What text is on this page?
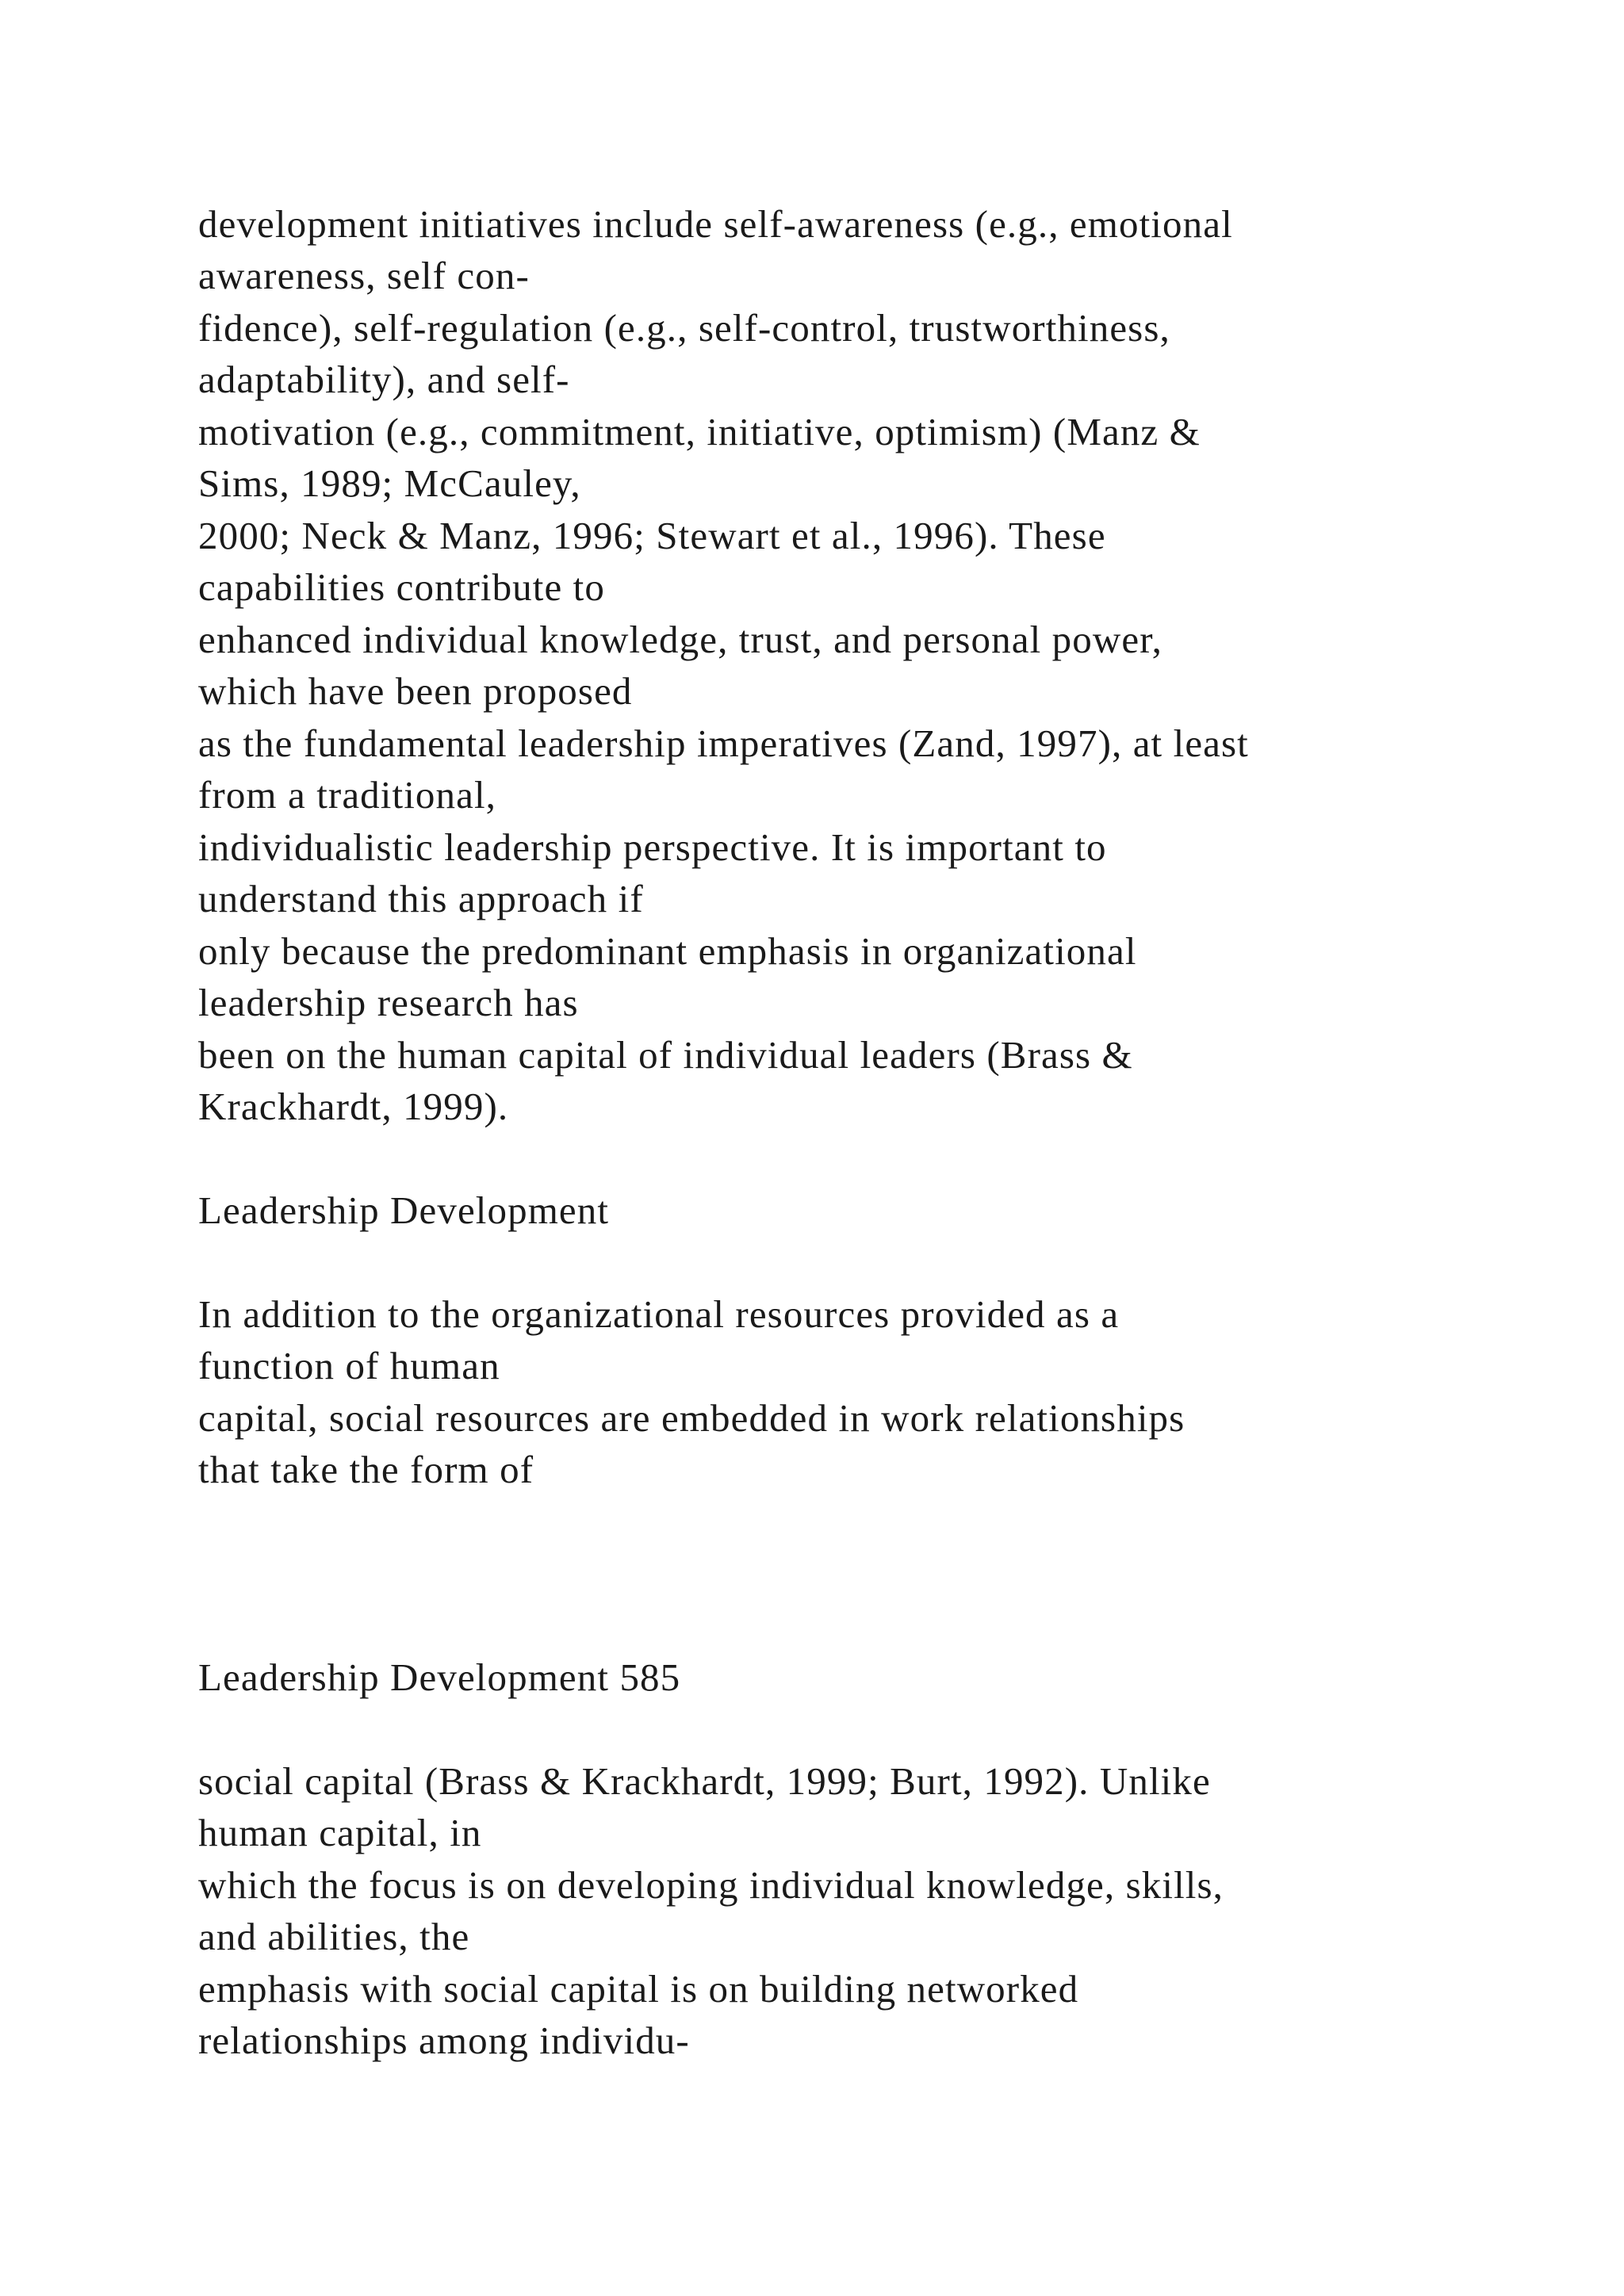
development initiatives include self-awareness (e.g., emotional
awareness, self con-
fidence), self-regulation (e.g., self-control, trustworthiness,
adaptability), and self-
motivation (e.g., commitment, initiative, optimism) (Manz &
Sims, 1989; McCauley,
2000; Neck & Manz, 1996; Stewart et al., 1996). These
capabilities contribute to
enhanced individual knowledge, trust, and personal power,
which have been proposed
as the fundamental leadership imperatives (Zand, 1997), at least
from a traditional,
individualistic leadership perspective. It is important to
understand this approach if
only because the predominant emphasis in organizational
leadership research has
been on the human capital of individual leaders (Brass &
Krackhardt, 1999).
Leadership Development
In addition to the organizational resources provided as a
function of human
capital, social resources are embedded in work relationships
that take the form of
Leadership Development 585
social capital (Brass & Krackhardt, 1999; Burt, 1992). Unlike
human capital, in
which the focus is on developing individual knowledge, skills,
and abilities, the
emphasis with social capital is on building networked
relationships among individu-
